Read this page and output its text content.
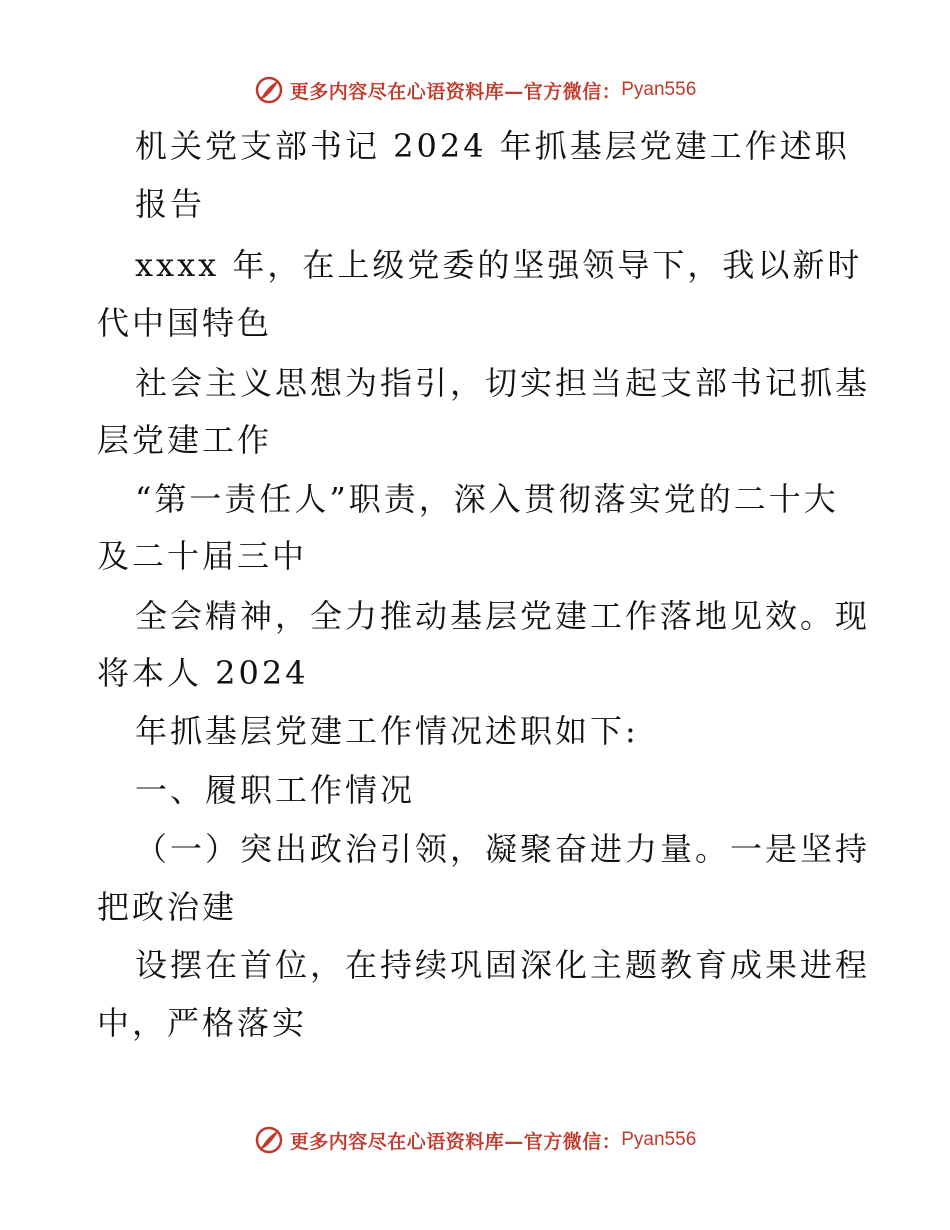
更多内容尽在心语资料库—官方微信： Pyan556
机关党支部书记 2024 年抓基层党建工作述职
报告
xxxx 年，在上级党委的坚强领导下，我以新时
代中国特色
社会主义思想为指引，切实担当起支部书记抓基
层党建工作
“第一责任人”职责，深入贯彻落实党的二十大
及二十届三中
全会精神，全力推动基层党建工作落地见效。现
将本人 2024
年抓基层党建工作情况述职如下:
一、履职工作情况
（一）突出政治引领，凝聚奋进力量。一是坚持
把政治建
设摆在首位，在持续巩固深化主题教育成果进程
中，严格落实
更多内容尽在心语资料库—官方微信： Pyan556
